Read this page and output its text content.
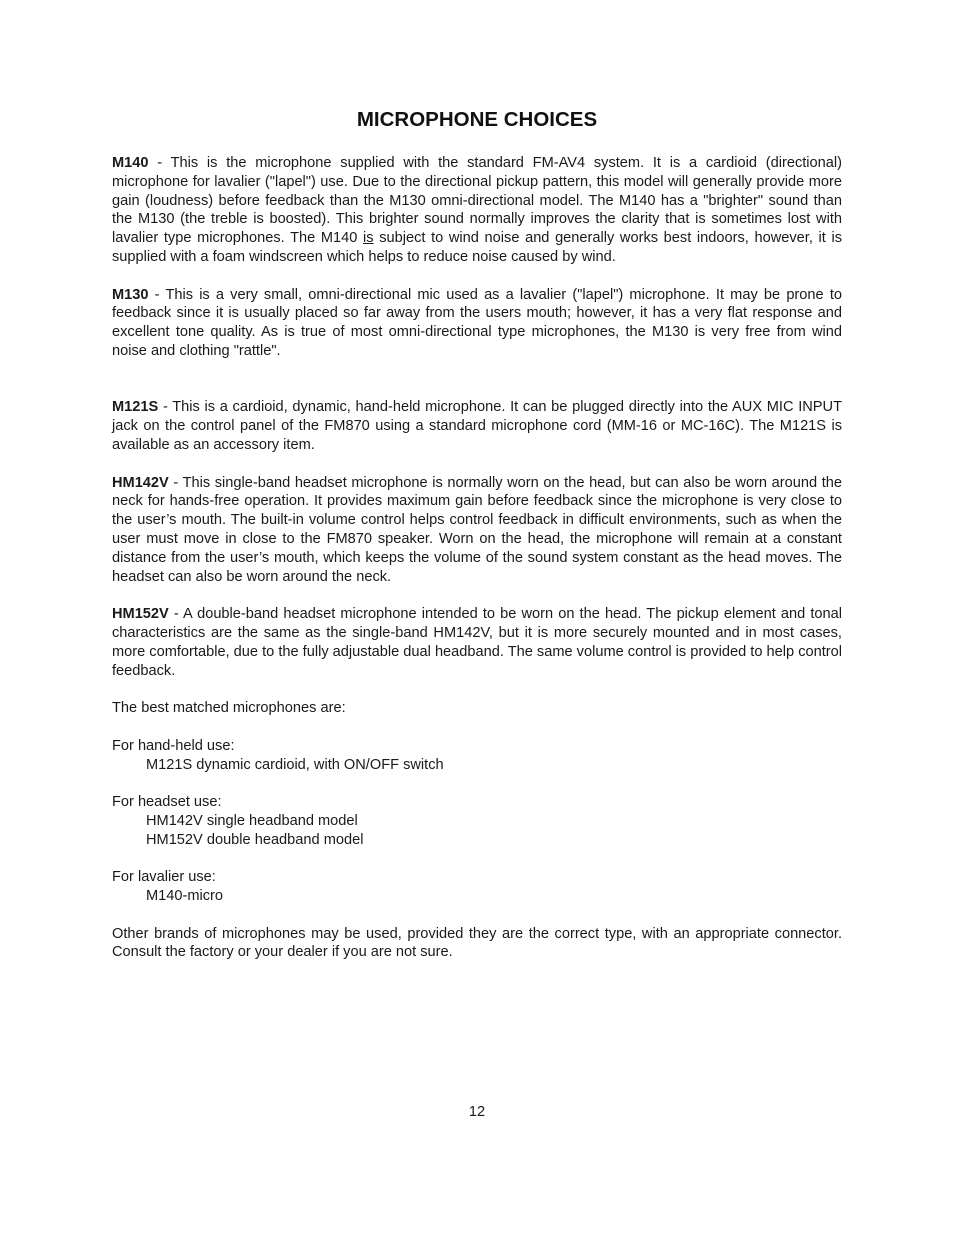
MICROPHONE CHOICES

M140 - This is the microphone supplied with the standard FM-AV4 system. It is a cardioid (directional) microphone for lavalier ("lapel") use. Due to the directional pickup pattern, this model will generally provide more gain (loudness) before feedback than the M130 omni-directional model. The M140 has a "brighter" sound than the M130 (the treble is boosted). This brighter sound normally improves the clarity that is sometimes lost with lavalier type microphones. The M140 is subject to wind noise and generally works best indoors, however, it is supplied with a foam windscreen which helps to reduce noise caused by wind.

M130 - This is a very small, omni-directional mic used as a lavalier ("lapel") microphone. It may be prone to feedback since it is usually placed so far away from the users mouth; however, it has a very flat response and excellent tone quality. As is true of most omni-directional type microphones, the M130 is very free from wind noise and clothing "rattle".

M121S - This is a cardioid, dynamic, hand-held microphone. It can be plugged directly into the AUX MIC INPUT jack on the control panel of the FM870 using a standard microphone cord (MM-16 or MC-16C). The M121S is available as an accessory item.

HM142V - This single-band headset microphone is normally worn on the head, but can also be worn around the neck for hands-free operation. It provides maximum gain before feedback since the microphone is very close to the user’s mouth. The built-in volume control helps control feedback in difficult environments, such as when the user must move in close to the FM870 speaker. Worn on the head, the microphone will remain at a constant distance from the user’s mouth, which keeps the volume of the sound system constant as the head moves. The headset can also be worn around the neck.

HM152V - A double-band headset microphone intended to be worn on the head. The pickup element and tonal characteristics are the same as the single-band HM142V, but it is more securely mounted and in most cases, more comfortable, due to the fully adjustable dual headband. The same volume control is provided to help control feedback.

The best matched microphones are:

For hand-held use:
M121S dynamic cardioid, with ON/OFF switch
For headset use:
HM142V single headband model
HM152V double headband model
For lavalier use:
M140-micro

Other brands of microphones may be used, provided they are the correct type, with an appropriate connector. Consult the factory or your dealer if you are not sure.

12
